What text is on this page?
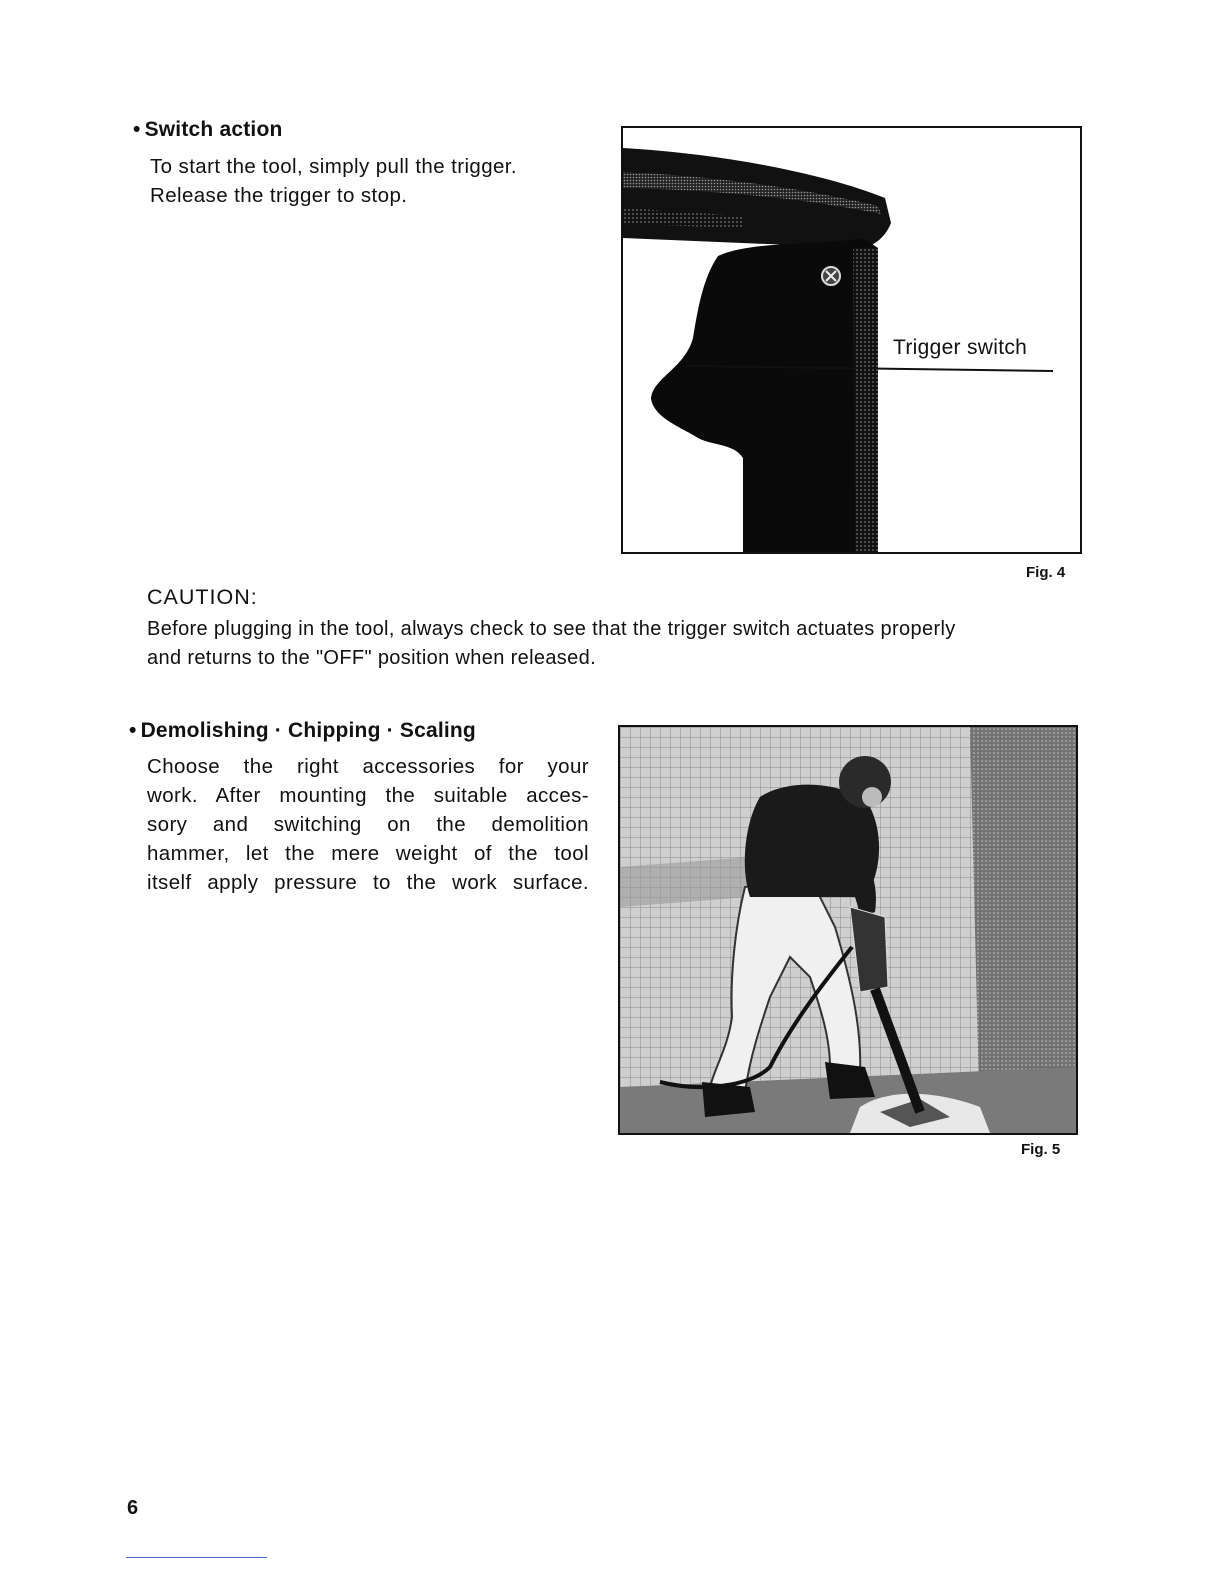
• Switch action
To start the tool, simply pull the trigger.
Release the trigger to stop.
Trigger switch
Fig. 4
CAUTION:
Before plugging in the tool, always check to see that the trigger switch actuates properly
and returns to the "OFF" position when released.
• Demolishing · Chipping · Scaling
Choose the right accessories for your
work. After mounting the suitable acces-
sory and switching on the demolition
hammer, let the mere weight of the tool
itself apply pressure to the work surface.
Fig. 5
6
